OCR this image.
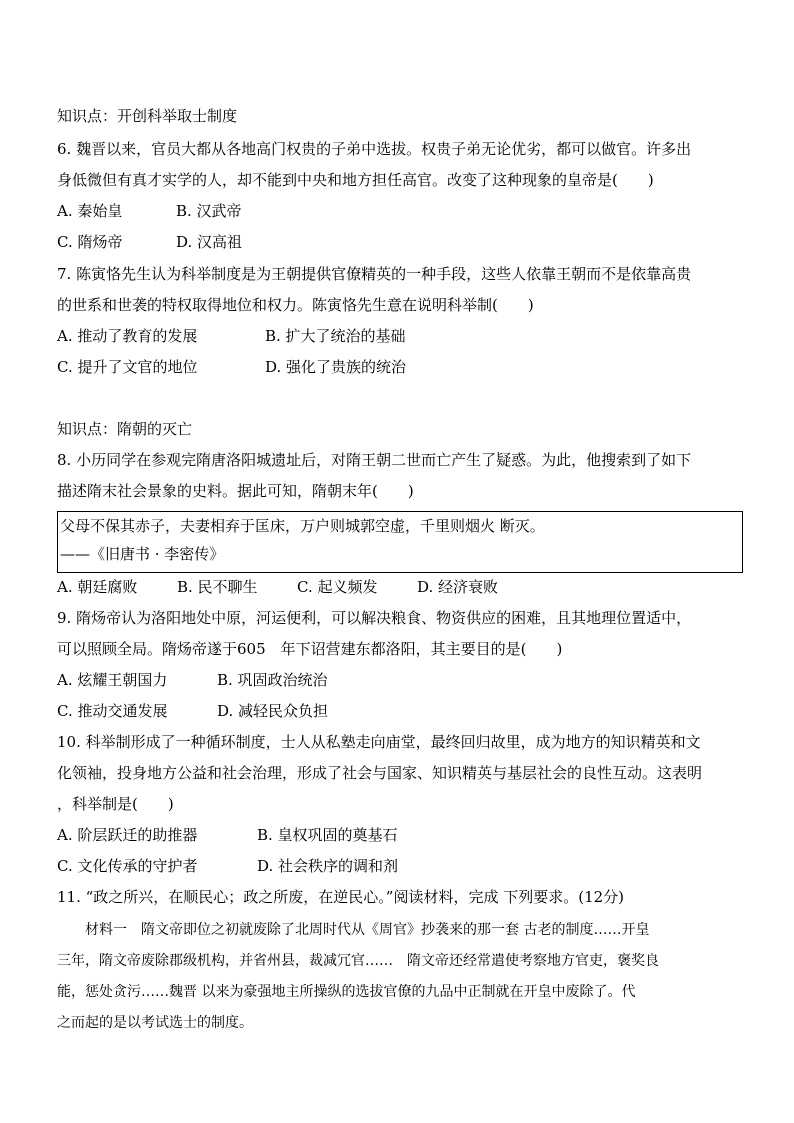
知识点：开创科举取士制度
6. 魏晋以来，官员大都从各地高门权贵的子弟中选拔。权贵子弟无论优劣，都可以做官。许多出
身低微但有真才实学的人，却不能到中央和地方担任高官。改变了这种现象的皇帝是(　　)
A. 秦始皇	B. 汉武帝
C. 隋炀帝	D. 汉高祖
7. 陈寅恪先生认为科举制度是为王朝提供官僚精英的一种手段，这些人依靠王朝而不是依靠高贵
的世系和世袭的特权取得地位和权力。陈寅恪先生意在说明科举制(　　)
A. 推动了教育的发展	B. 扩大了统治的基础
C. 提升了文官的地位	D. 强化了贵族的统治
知识点：隋朝的灭亡
8. 小历同学在参观完隋唐洛阳城遗址后，对隋王朝二世而亡产生了疑惑。为此，他搜索到了如下
描述隋末社会景象的史料。据此可知，隋朝末年(　　)
父母不保其赤子，夫妻相弃于匡床，万户则城郭空虚，千里则烟火 断灭。
——《旧唐书 · 李密传》
A. 朝廷腐败	B. 民不聊生	C. 起义频发	D. 经济衰败
9. 隋炀帝认为洛阳地处中原，河运便利，可以解决粮食、物资供应的困难，且其地理位置适中，
可以照顾全局。隋炀帝遂于605　年下诏营建东都洛阳，其主要目的是(　　)
A. 炫耀王朝国力	B. 巩固政治统治
C. 推动交通发展	D. 减轻民众负担
10. 科举制形成了一种循环制度，士人从私塾走向庙堂，最终回归故里，成为地方的知识精英和文
化领袖，投身地方公益和社会治理，形成了社会与国家、知识精英与基层社会的良性互动。这表明
，科举制是(　　)
A. 阶层跃迁的助推器	B. 皇权巩固的奠基石
C. 文化传承的守护者	D. 社会秩序的调和剂
11. “政之所兴，在顺民心；政之所废，在逆民心。”阅读材料，完成 下列要求。(12分)
　　材料一　隋文帝即位之初就废除了北周时代从《周官》抄袭来的那一套 古老的制度……开皇
三年，隋文帝废除郡级机构，并省州县，裁减冗官……　隋文帝还经常遣使考察地方官吏，褒奖良
能，惩处贪污……魏晋 以来为豪强地主所操纵的选拔官僚的九品中正制就在开皇中废除了。代
之而起的是以考试选士的制度。
